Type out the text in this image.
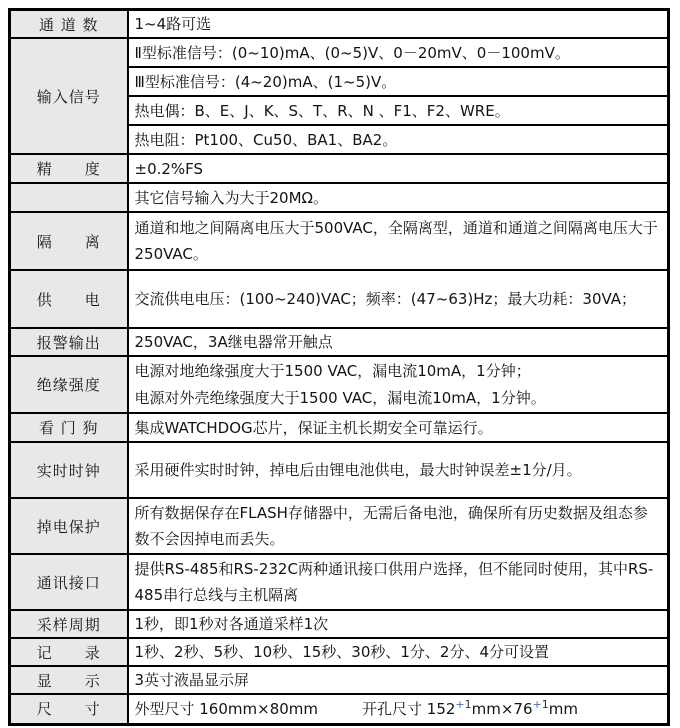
通 道 数	1~4路可选
输入信号	Ⅱ型标准信号：(0~10)mA、(0~5)V、0－20mV、0－100mV。
	Ⅲ型标准信号：(4~20)mA、(1~5)V。
	热电偶：B、E、J、K、S、T、R、N 、F1、F2、WRE。
	热电阻：Pt100、Cu50、BA1、BA2。
精　　度	±0.2%FS
	其它信号输入为大于20MΩ。
隔　　离	通道和地之间隔离电压大于500VAC，全隔离型，通道和通道之间隔离电压大于250VAC。
供　　电	交流供电电压：(100~240)VAC；频率：(47~63)Hz；最大功耗：30VA；
报警输出	250VAC，3A继电器常开触点
绝缘强度	电源对地绝缘强度大于1500 VAC，漏电流10mA，1分钟；
电源对外壳绝缘强度大于1500 VAC，漏电流10mA，1分钟。

看 门 狗	集成WATCHDOG芯片，保证主机长期安全可靠运行。
实时时钟	采用硬件实时时钟，掉电后由锂电池供电，最大时钟误差±1分/月。
掉电保护	所有数据保存在FLASH存储器中，无需后备电池，确保所有历史数据及组态参数不会因掉电而丢失。
通讯接口	提供RS-485和RS-232C两种通讯接口供用户选择，但不能同时使用，其中RS-485串行总线与主机隔离
采样周期	1秒，即1秒对各通道采样1次
记　　录	1秒、2秒、5秒、10秒、15秒、30秒、1分、2分、4分可设置
显　　示	3英寸液晶显示屏
尺　　寸	外型尺寸 160mm×80mm 开孔尺寸 $152^{+1}mm\times 76^{+1}mm$
